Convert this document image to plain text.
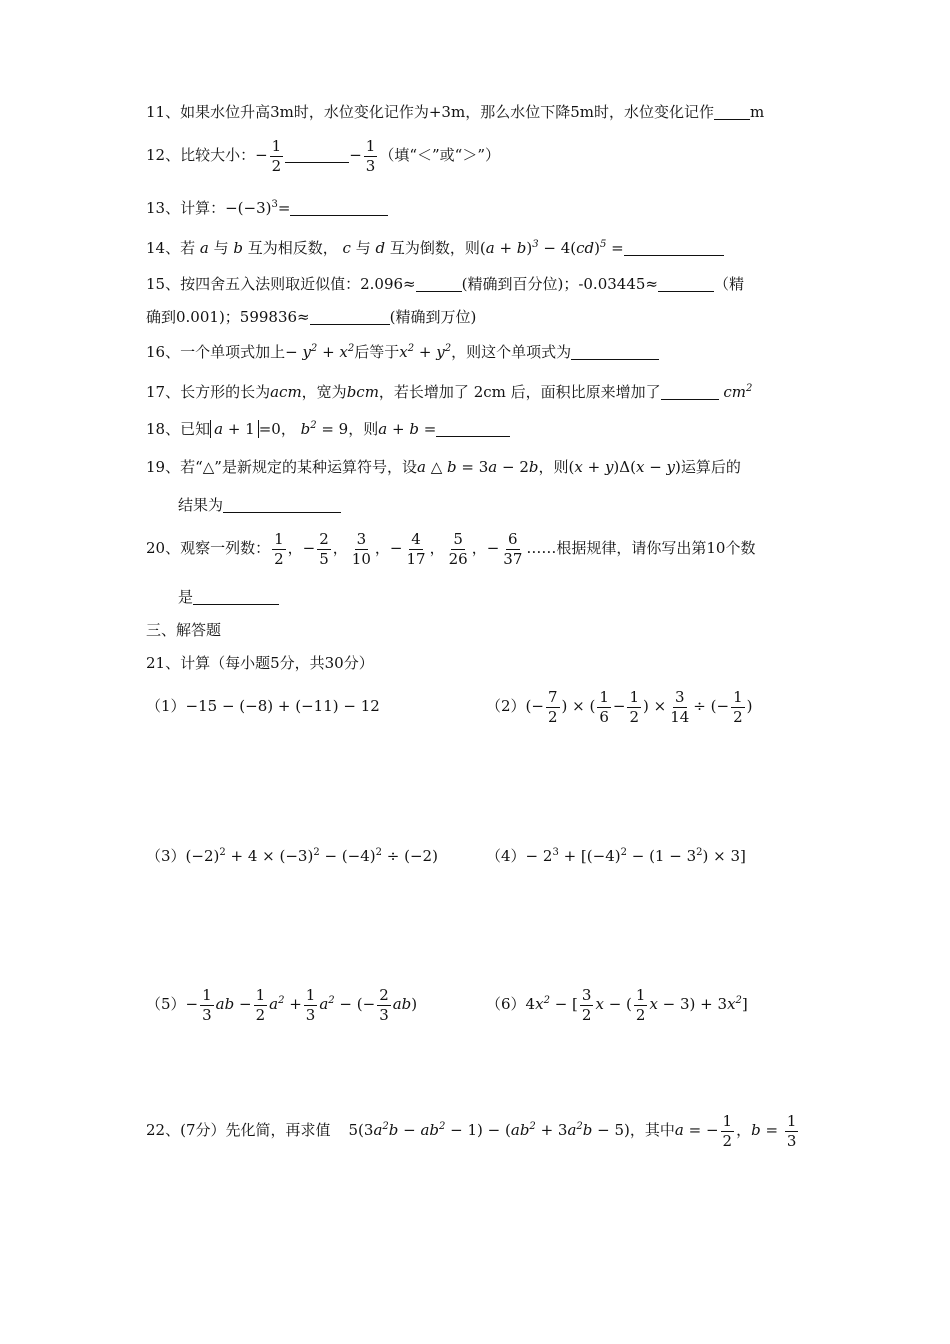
11、如果水位升高3m时，水位变化记作为+3m，那么水位下降5m时，水位变化记作 m
12、比较大小：− $\frac{1}{2}$	− $\frac{1}{3}$ （填“＜”或“＞”）
13、计算：$-(-3)^3=$
14、若 a 与 b 互为相反数， c 与 d 互为倒数，则$(a + b)^3 - 4(cd)^5$ =
15、按四舍五入法则取近似值：2.096≈	(精确到百分位)；-0.03445≈	（精
确到0.001)；599836≈	(精确到万位)
16、一个单项式加上− $y^2 + x^2$后等于$x^2 + y^2$，则这个单项式为
17、长方形的长为acm，宽为bcm，若长增加了 2cm 后，面积比原来增加了	$cm^2$
18、已知 a + 1 =0， $b^2 = 9$，则a + b =
19、若“△”是新规定的某种运算符号，设a △ b = 3a − 2b，则(x + y)Δ(x − y)运算后的
结果为
20、观察一列数： $\frac{1}{2}$ ，− $\frac{2}{5}$ ， $\frac{3}{10}$ ，− $\frac{4}{17}$ ， $\frac{5}{26}$ ，− $\frac{6}{37}$ ……根据规律，请你写出第10个数
是
三、解答题
21、计算（每小题5分，共30分）
（1）−15 − (−8) + (−11) − 12	$(2)(- \frac{7}{2}$ ) × ( $\frac{1}{6} - \frac{1}{2}$ ) × $\frac{3}{14}$ ÷ (− $\frac{1}{2}$ )
$(3)(-2)^2 + 4 \times (-3)^2 - (-4)^2 \div (-2)$	$(4)- 2^3 + [(-4)^2 - (1 - 3^2) \times 3]$
$(5)- \frac{1}{3}$ ab − $\frac{1}{2} a^2 + \frac{1}{3} a^2$ − (− $\frac{2}{3} ab$)	$(6)4x^2$ − [ $\frac{3}{2}$ x − ( $\frac{1}{2}$ $x - 3) + 3x^2$]
22、(7分）先化简，再求值 $5(3a^2b - ab^2 - 1) - (ab^2 + 3a^2b - 5)$，其中a = − $\frac{1}{2}$ ，$b = \frac{1}{3}$
